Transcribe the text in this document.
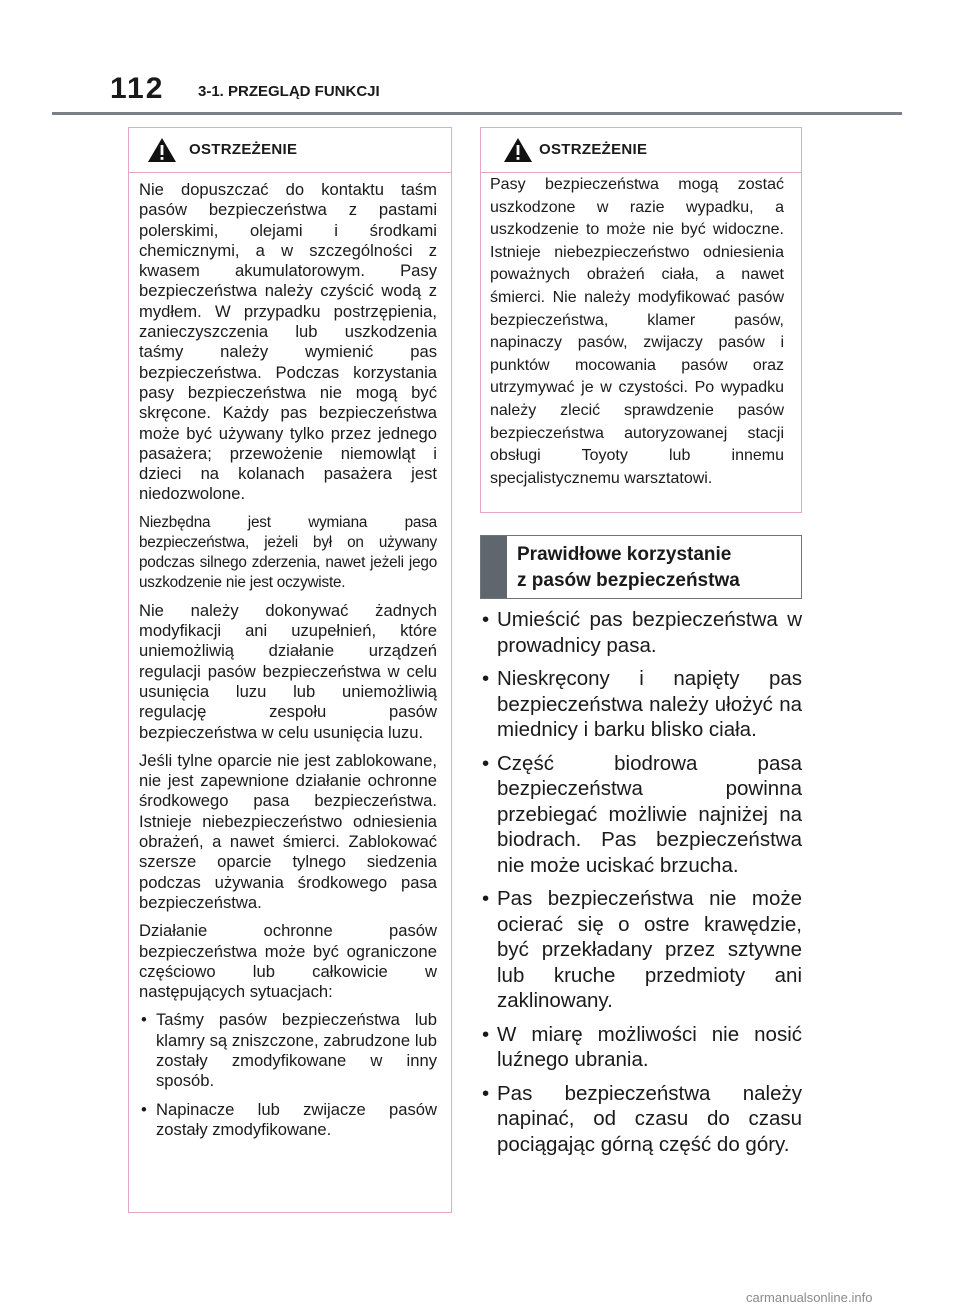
112 3-1. PRZEGLĄD FUNKCJI
OSTRZEŻENIE

Nie dopuszczać do kontaktu taśm pasów bezpieczeństwa z pastami polerskimi, olejami i środkami chemicznymi, a w szczególności z kwasem akumulatorowym. Pasy bezpieczeństwa należy czyścić wodą z mydłem. W przypadku postrzępienia, zanieczyszczenia lub uszkodzenia taśmy należy wymienić pas bezpieczeństwa. Podczas korzystania pasy bezpieczeństwa nie mogą być skręcone. Każdy pas bezpieczeństwa może być używany tylko przez jednego pasażera; przewożenie niemowląt i dzieci na kolanach pasażera jest niedozwolone.

Niezbędna jest wymiana pasa bezpieczeństwa, jeżeli był on używany podczas silnego zderzenia, nawet jeżeli jego uszkodzenie nie jest oczywiste.

Nie należy dokonywać żadnych modyfikacji ani uzupełnień, które uniemożliwią działanie urządzeń regulacji pasów bezpieczeństwa w celu usunięcia luzu lub uniemożliwią regulację zespołu pasów bezpieczeństwa w celu usunięcia luzu.

Jeśli tylne oparcie nie jest zablokowane, nie jest zapewnione działanie ochronne środkowego pasa bezpieczeństwa. Istnieje niebezpieczeństwo odniesienia obrażeń, a nawet śmierci. Zablokować szersze oparcie tylnego siedzenia podczas używania środkowego pasa bezpieczeństwa.

Działanie ochronne pasów bezpieczeństwa może być ograniczone częściowo lub całkowicie w następujących sytuacjach:

• Taśmy pasów bezpieczeństwa lub klamry są zniszczone, zabrudzone lub zostały zmodyfikowane w inny sposób.
• Napinacze lub zwijacze pasów zostały zmodyfikowane.
OSTRZEŻENIE

Pasy bezpieczeństwa mogą zostać uszkodzone w razie wypadku, a uszkodzenie to może nie być widoczne. Istnieje niebezpieczeństwo odniesienia poważnych obrażeń ciała, a nawet śmierci. Nie należy modyfikować pasów bezpieczeństwa, klamer pasów, napinaczy pasów, zwijaczy pasów i punktów mocowania pasów oraz utrzymywać je w czystości. Po wypadku należy zlecić sprawdzenie pasów bezpieczeństwa autoryzowanej stacji obsługi Toyoty lub innemu specjalistycznemu warsztatowi.

Prawidłowe korzystanie
z pasów bezpieczeństwa
• Umieścić pas bezpieczeństwa w prowadnicy pasa.
• Nieskręcony i napięty pas bezpieczeństwa należy ułożyć na miednicy i barku blisko ciała.
• Część biodrowa pasa bezpieczeństwa powinna przebiegać możliwie najniżej na biodrach. Pas bezpieczeństwa nie może uciskać brzucha.
• Pas bezpieczeństwa nie może ocierać się o ostre krawędzie, być przekładany przez sztywne lub kruche przedmioty ani zaklinowany.
• W miarę możliwości nie nosić luźnego ubrania.
• Pas bezpieczeństwa należy napinać, od czasu do czasu pociągając górną część do góry.
carmanualsonline.info
